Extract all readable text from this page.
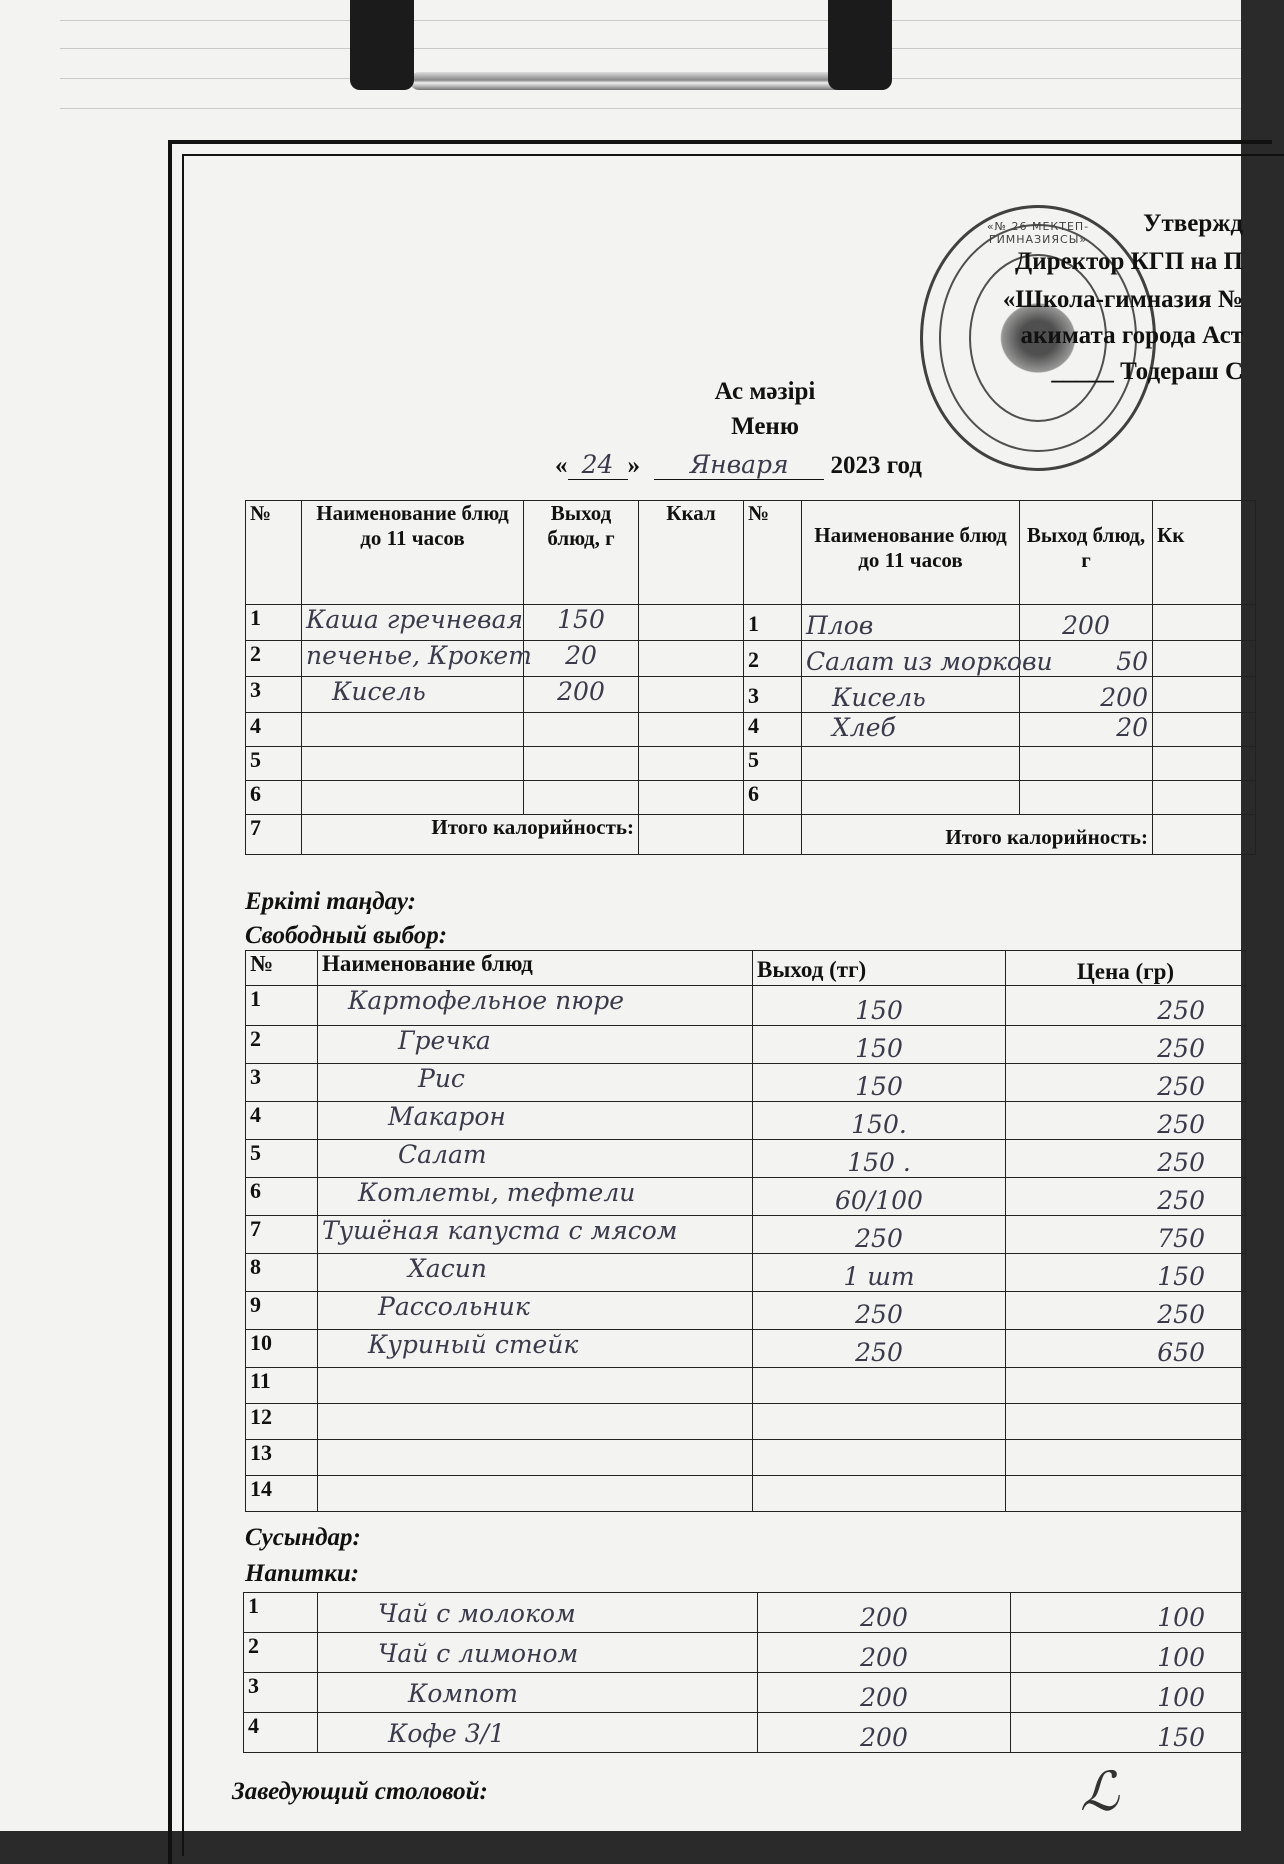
«№ 26 МЕКТЕП-ГИМНАЗИЯСЫ»
Утвержд
Директор КГП на П
«Школа-гимназия №
акимата города Аст
_____ Тодераш С
Ас мәзірі
Меню
« 24 » Января 2023 год
№	Наименование блюд до 11 часов	Выход блюд, г	Ккал	№	Наименование блюд до 11 часов	Выход блюд, г	Кк
1	Каша гречневая	150		1	Плов	200	
2	печенье, Крокет	20		2	Салат из моркови	50	
3	Кисель	200		3	Кисель	200	
4				4	Хлеб	20	
5				5			
6				6			
7	Итого калорийность:				Итого калорийность:		
Еркіті таңдау:
Свободный выбор:
№	Наименование блюд	Выход (тг)	Цена (гр)
1	Картофельное пюре	150	250
2	Гречка	150	250
3	Рис	150	250
4	Макарон	150.	250
5	Салат	150 .	250
6	Котлеты, тефтели	60/100	250
7	Тушёная капуста с мясом	250	750
8	Хасип	1 шт	150
9	Рассольник	250	250
10	Куриный стейк	250	650
11			
12			
13			
14			
Сусындар:
Напитки:
1	Чай с молоком	200	100
2	Чай с лимоном	200	100
3	Компот	200	100
4	Кофе 3/1	200	150
Заведующий столовой:	ℒ
